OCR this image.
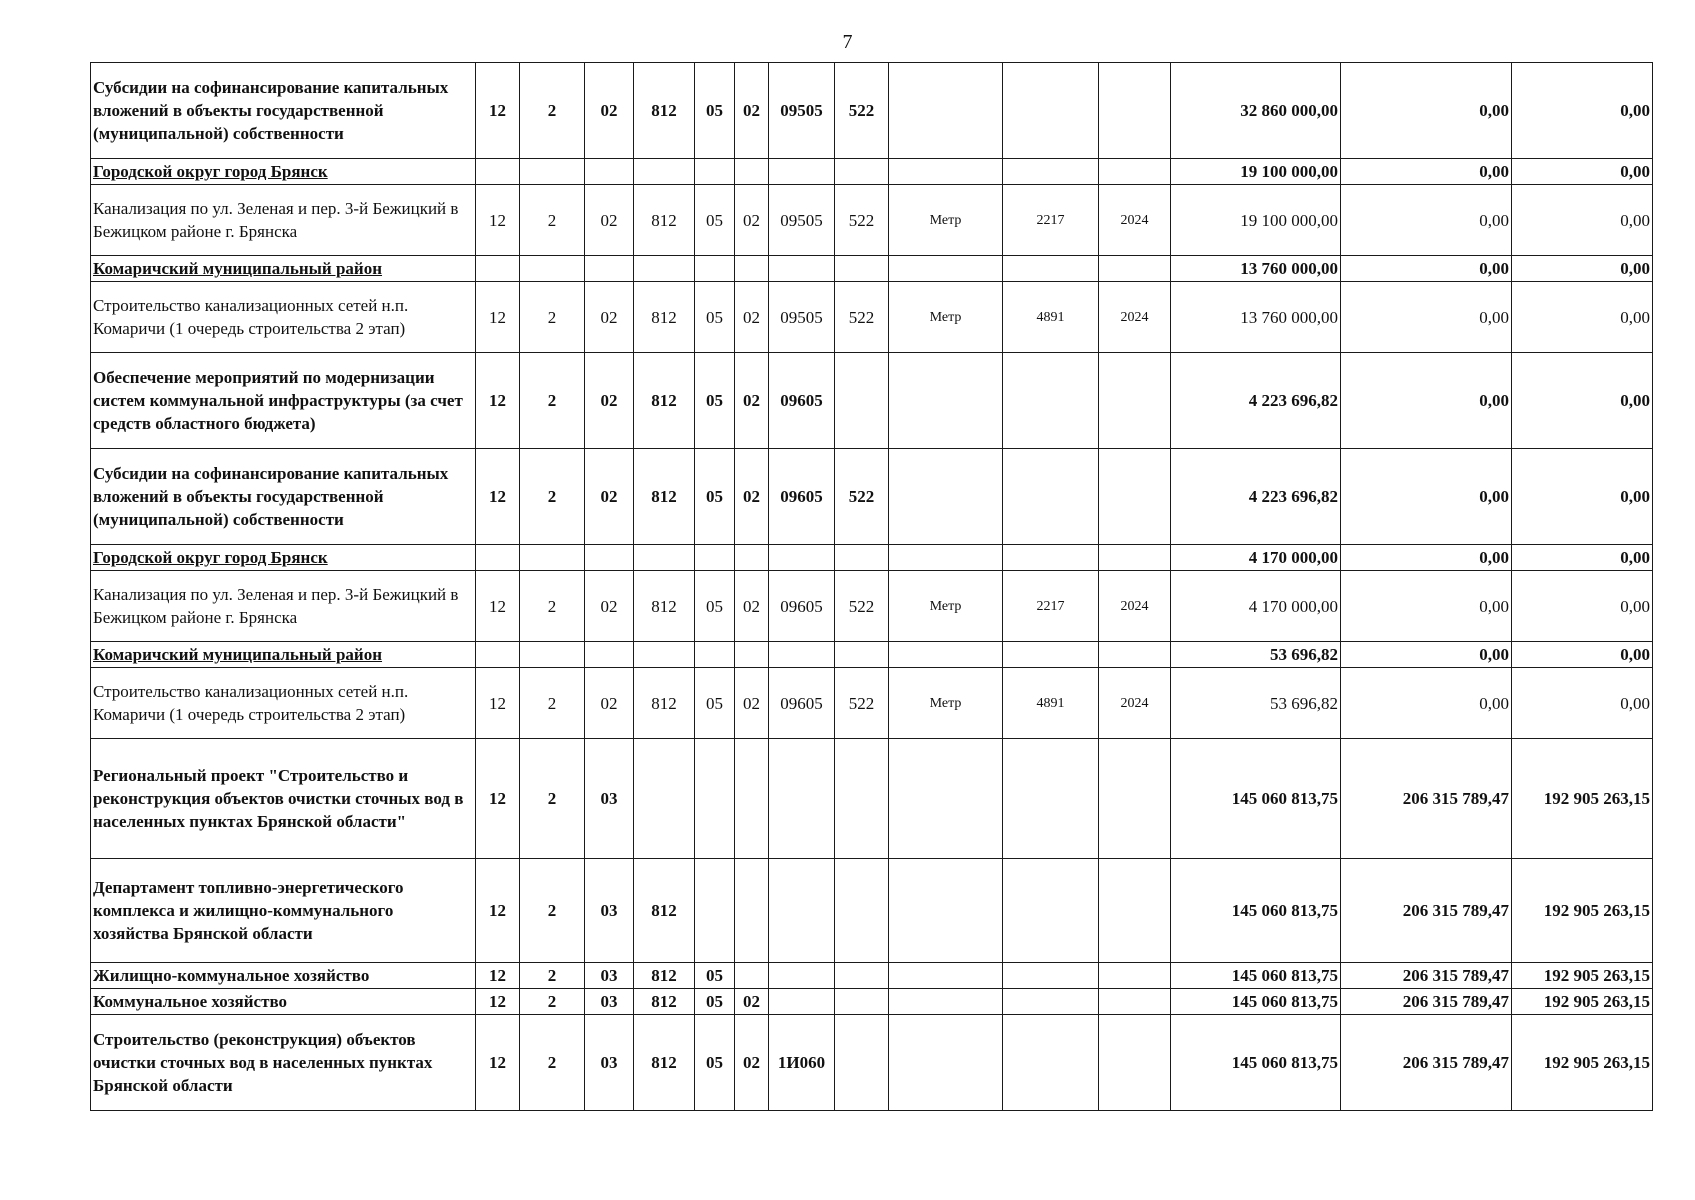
7
Субсидии на софинансирование капитальных вложений в объекты государственной (муниципальной) собственности	12	2	02	812	05	02	09505	522				32 860 000,00	0,00	0,00
Городской округ город Брянск												19 100 000,00	0,00	0,00
Канализация по ул. Зеленая и пер. 3-й Бежицкий в Бежицком районе г. Брянска	12	2	02	812	05	02	09505	522	Метр	2217	2024	19 100 000,00	0,00	0,00
Комаричский муниципальный район												13 760 000,00	0,00	0,00
Строительство канализационных сетей н.п. Комаричи (1 очередь строительства 2 этап)	12	2	02	812	05	02	09505	522	Метр	4891	2024	13 760 000,00	0,00	0,00
Обеспечение мероприятий по модернизации систем коммунальной инфраструктуры (за счет средств областного бюджета)	12	2	02	812	05	02	09605					4 223 696,82	0,00	0,00
Субсидии на софинансирование капитальных вложений в объекты государственной (муниципальной) собственности	12	2	02	812	05	02	09605	522				4 223 696,82	0,00	0,00
Городской округ город Брянск												4 170 000,00	0,00	0,00
Канализация по ул. Зеленая и пер. 3-й Бежицкий в Бежицком районе г. Брянска	12	2	02	812	05	02	09605	522	Метр	2217	2024	4 170 000,00	0,00	0,00
Комаричский муниципальный район												53 696,82	0,00	0,00
Строительство канализационных сетей н.п. Комаричи (1 очередь строительства 2 этап)	12	2	02	812	05	02	09605	522	Метр	4891	2024	53 696,82	0,00	0,00
Региональный проект "Строительство и реконструкция объектов очистки сточных вод в населенных пунктах Брянской области"	12	2	03									145 060 813,75	206 315 789,47	192 905 263,15
Департамент топливно-энергетического комплекса и жилищно-коммунального хозяйства Брянской области	12	2	03	812								145 060 813,75	206 315 789,47	192 905 263,15
Жилищно-коммунальное хозяйство	12	2	03	812	05							145 060 813,75	206 315 789,47	192 905 263,15
Коммунальное хозяйство	12	2	03	812	05	02						145 060 813,75	206 315 789,47	192 905 263,15
Строительство (реконструкция) объектов очистки сточных вод в населенных пунктах Брянской области	12	2	03	812	05	02	1И060					145 060 813,75	206 315 789,47	192 905 263,15
